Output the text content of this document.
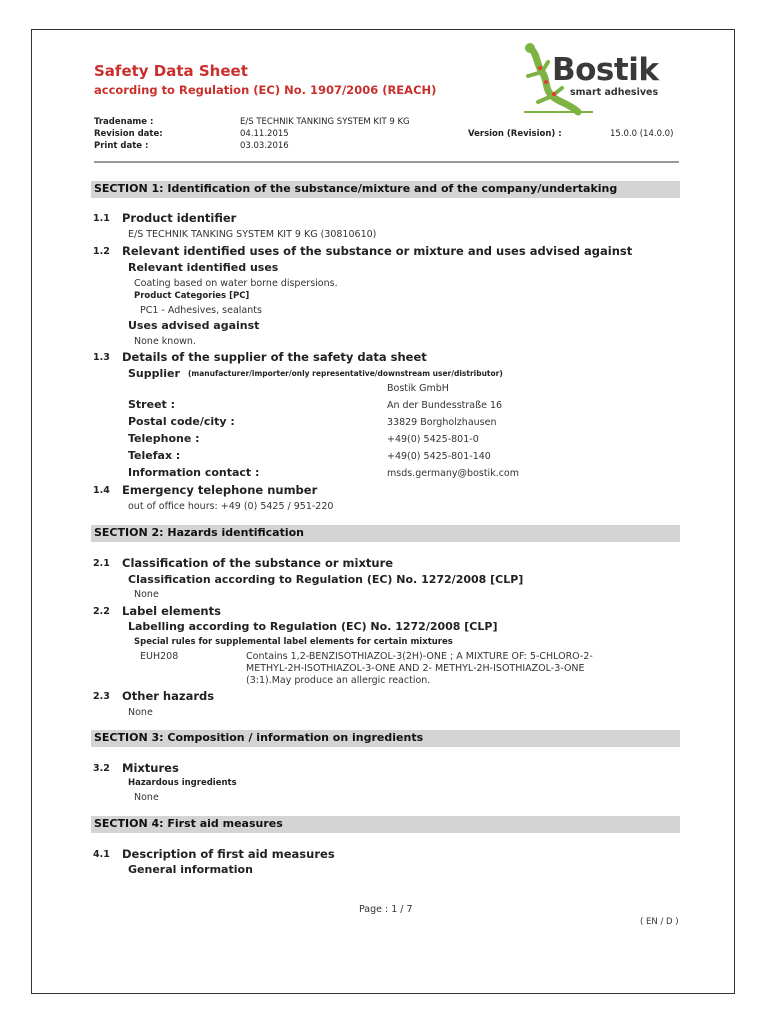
Safety Data Sheet
according to Regulation (EC) No. 1907/2006 (REACH)
Bostik
smart adhesives
Tradename :	E/S TECHNIK TANKING SYSTEM KIT 9 KG
Revision date:	04.11.2015	Version (Revision) :	15.0.0 (14.0.0)
Print date :	03.03.2016
SECTION 1: Identification of the substance/mixture and of the company/undertaking
1.1 Product identifier
E/S TECHNIK TANKING SYSTEM KIT 9 KG (30810610)
1.2 Relevant identified uses of the substance or mixture and uses advised against
Relevant identified uses
Coating based on water borne dispersions.
Product Categories [PC]
PC1 - Adhesives, sealants
Uses advised against
None known.
1.3 Details of the supplier of the safety data sheet
Supplier (manufacturer/importer/only representative/downstream user/distributor)
Bostik GmbH
Street :	An der Bundesstraße 16
Postal code/city :	33829 Borgholzhausen
Telephone :	+49(0) 5425-801-0
Telefax :	+49(0) 5425-801-140
Information contact :	msds.germany@bostik.com
1.4 Emergency telephone number
out of office hours: +49 (0) 5425 / 951-220
SECTION 2: Hazards identification
2.1 Classification of the substance or mixture
Classification according to Regulation (EC) No. 1272/2008 [CLP]
None
2.2 Label elements
Labelling according to Regulation (EC) No. 1272/2008 [CLP]
Special rules for supplemental label elements for certain mixtures
EUH208	Contains 1,2-BENZISOTHIAZOL-3(2H)-ONE ; A MIXTURE OF: 5-CHLORO-2-
METHYL-2H-ISOTHIAZOL-3-ONE AND 2- METHYL-2H-ISOTHIAZOL-3-ONE
(3:1).May produce an allergic reaction.
2.3 Other hazards
None
SECTION 3: Composition / information on ingredients
3.2 Mixtures
Hazardous ingredients
None
SECTION 4: First aid measures
4.1 Description of first aid measures
General information
Page : 1 / 7
( EN / D )
